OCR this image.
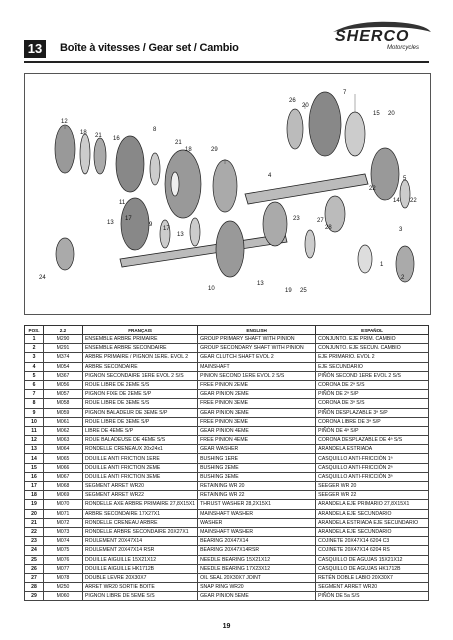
13	Boîte à vitesses / Gear set / Cambio
SHERCO
Motorcycles
12
18 21 16
8
21
18	29
26
20
7
15 20
11
4
22
5
13
17
9
17
13
23	27
28
14 22
3
1
2
24
10
13
19 25
POS.	2.2	FRANÇAIS	ENGLISH	ESPAÑOL
1	M290	ENSEMBLE ARBRE PRIMAIRE	GROUP PRIMARY SHAFT WITH PINION	CONJUNTO. EJE PRIM. CAMBIO
2	M291	ENSEMBLE ARBRE SECONDAIRE	GROUP SECONDARY SHAFT WITH PINION	CONJUNTO. EJE SECUN. CAMBIO
3	M374	ARBRE PRIMAIRE / PIGNON 1ERE. EVOL 2	GEAR CLUTCH SHAFT EVOL 2	EJE PRIMARIO. EVOL 2
4	M054	ARBRE SECONDAIRE	MAINSHAFT	EJE SECUNDARIO
5	M367	PIGNON SECONDAIRE 1ERE EVOL 2 S/S	PINION SECOND 1ERE EVOL 2 S/S	PIÑÓN SECOND 1ERE EVOL 2 S/S
6	M056	ROUE LIBRE DE 2EME S/S	FREE PINION 2EME	CORONA DE 2ª S/S
7	M057	PIGNON FIXE DE 2EME S/P	GEAR PINION 2EME	PIÑÓN DE 2ª S/P
8	M058	ROUE LIBRE DE 3EME S/S	FREE PINION 3EME	CORONA DE 3ª S/S
9	M059	PIGNON BALADEUR DE 3EME S/P	GEAR PINION 3EME	PIÑÓN DESPLAZABLE 3ª S/P
10	M061	ROUE LIBRE DE 3EME S/P	FREE PINION 3EME	CORONA LIBRE DE 3ª S/P
11	M062	LIBRE DE 4EME S/P	GEAR PINION 4EME	PIÑÓN DE 4ª S/P
12	M063	ROUE BALADEUSE DE 4EME S/S	FREE PINION 4EME	CORONA DESPLAZABLE DE 4ª S/S
13	M064	RONDELLE CRENEAUX 20x24x1	GEAR WASHER	ARANDELA ESTRIADA
14	M065	DOUILLE ANTI FRICTION 1ERE	BUSHING 1ERE	CASQUILLO ANTI-FRICCIÓN 1ª
15	M066	DOUILLE ANTI FRICTION 2EME	BUSHING 2EME	CASQUILLO ANTI-FRICCIÓN 2ª
16	M067	DOUILLE ANTI FRICTION 3EME	BUSHING 3EME	CASQUILLO ANTI-FRICCIÓN 3ª
17	M068	SEGMENT ARRET WR20	RETAINING WR 20	SEEGER WR 20
18	M069	SEGMENT ARRET WR22	RETAINING WR 22	SEEGER WR 22
19	M070	RONDELLE AXE ARBRE PRIMAIRE 27,8X15X1	THRUST WASHER 28,2X15X1	ARANDELA EJE PRIMARIO 27,8X15X1
20	M071	ARBRE SECONDAIRE 17X27X1	MAINSHAFT WASHER	ARANDELA EJE SECUNDARIO
21	M072	RONDELLE CRENEAU ARBRE	WASHER	ARANDELA ESTRIADA EJE SECUNDARIO
22	M073	RONDELLE ARBRE SECONDAIRE 20X27X1	MAINSHAFT WASHER	ARANDELA EJE SECUNDARIO
23	M074	ROULEMENT 20X47X14	BEARING 20X47X14	COJINETE 20X47X14 6204 C3
24	M075	ROULEMENT 20X47X14 RSR	BEARING 20X47X14RSR	COJINETE 20X47X14 6204 RS
25	M076	DOUILLE AIGUILLE 15X21X12	NEEDLE BEARING 15X21X12	CASQUILLO DE AGUJAS 15X21X12
26	M077	DOUILLE AIGUILLE HK1712B	NEEDLE BEARING 17X23X12	CASQUILLO DE AGUJAS HK1712B
27	M078	DOUBLE LEVRE 20X30X7	OIL SEAL 20X30X7 JOINT	RETÉN DOBLE LABIO 20X30X7
28	M250	ARRET WR20 SORTIE BOITE	SNAP RING WR20	SEGMENT ARRET WR20
29	M060	PIGNON LIBRE DE 5EME S/S	GEAR PINION 5EME	PIÑÓN DE 5a S/S
19
